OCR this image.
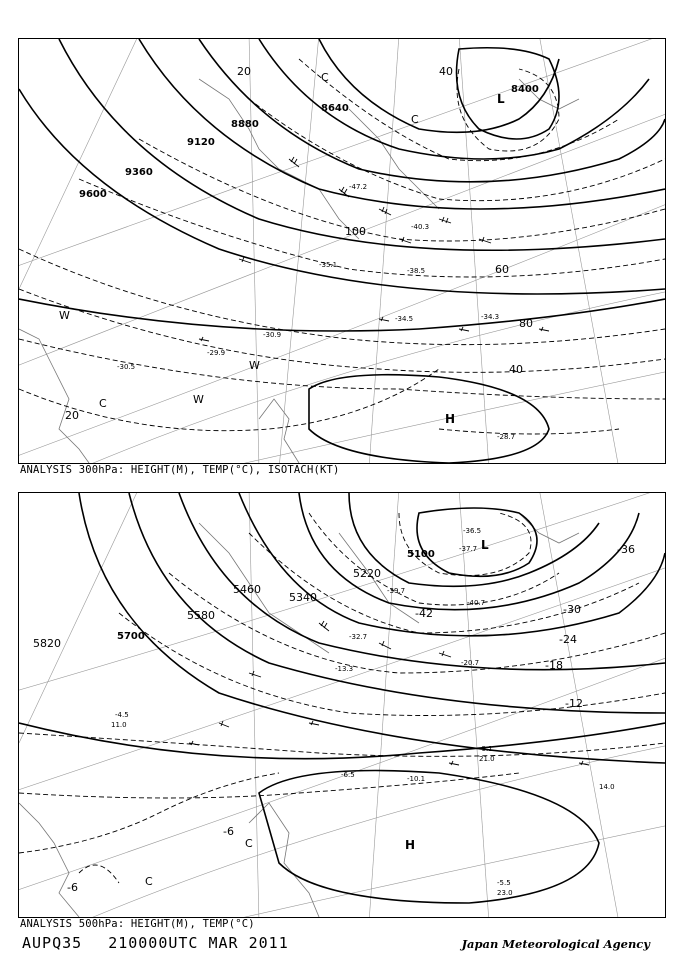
9600
9360
9120
8880
8640
8400
20	40
60
80
100
20
40
L
H
W
W
W
C
C
C
-47.2
-40.3
-38.5
-35.1
-34.5	-34.3
-30.5
-30.9
-29.9
-28.7
ANALYSIS 300hPa: HEIGHT(M), TEMP(°C), ISOTACH(KT)
5820
5700
5580
5460
5340
5220
5100
-42
-36
-30
-24
-18
-12
-6
-6
L
H
C
C
-36.5
-37.7
-39.7
-40.7
-32.7
-20.7
-13.3
-10.1
-9.1
-6.5
-5.5
-4.5
23.0
21.0
14.0
11.0
ANALYSIS 500hPa: HEIGHT(M), TEMP(°C)
AUPQ35 210000UTC MAR 2011	Japan Meteorological Agency
